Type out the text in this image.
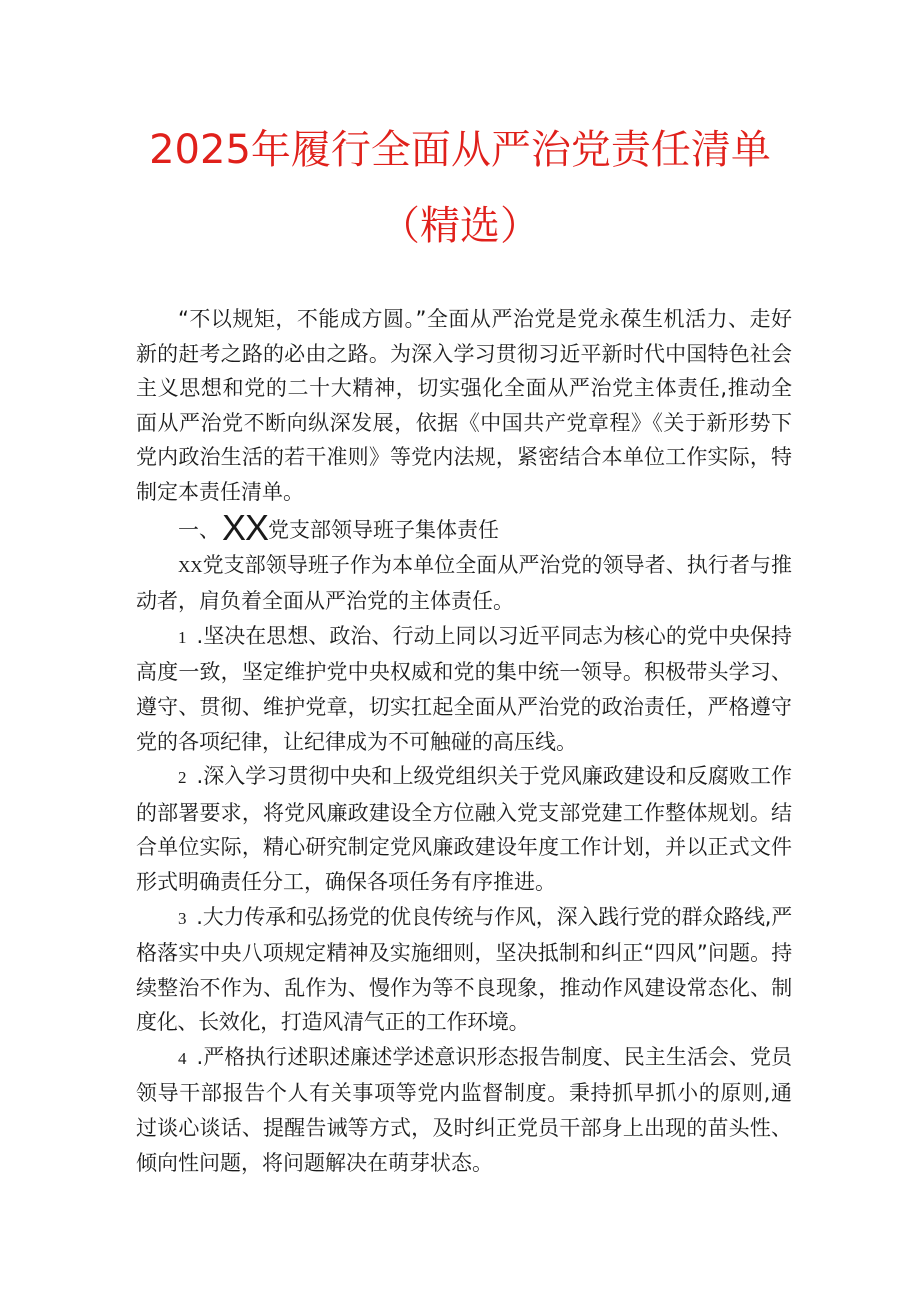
2025年履行全面从严治党责任清单
（精选）

“不以规矩，不能成方圆。”全面从严治党是党永葆生机活力、走好新的赶考之路的必由之路。为深入学习贯彻习近平新时代中国特色社会主义思想和党的二十大精神，切实强化全面从严治党主体责任,推动全面从严治党不断向纵深发展，依据《中国共产党章程》《关于新形势下党内政治生活的若干准则》等党内法规，紧密结合本单位工作实际，特制定本责任清单。

一、XX党支部领导班子集体责任

XX党支部领导班子作为本单位全面从严治党的领导者、执行者与推动者，肩负着全面从严治党的主体责任。

1 .坚决在思想、政治、行动上同以习近平同志为核心的党中央保持高度一致，坚定维护党中央权威和党的集中统一领导。积极带头学习、遵守、贯彻、维护党章，切实扛起全面从严治党的政治责任，严格遵守党的各项纪律，让纪律成为不可触碰的高压线。

2 .深入学习贯彻中央和上级党组织关于党风廉政建设和反腐败工作的部署要求，将党风廉政建设全方位融入党支部党建工作整体规划。结合单位实际，精心研究制定党风廉政建设年度工作计划，并以正式文件形式明确责任分工，确保各项任务有序推进。

3 .大力传承和弘扬党的优良传统与作风，深入践行党的群众路线,严格落实中央八项规定精神及实施细则，坚决抵制和纠正“四风”问题。持续整治不作为、乱作为、慢作为等不良现象，推动作风建设常态化、制度化、长效化，打造风清气正的工作环境。

4 .严格执行述职述廉述学述意识形态报告制度、民主生活会、党员领导干部报告个人有关事项等党内监督制度。秉持抓早抓小的原则,通过谈心谈话、提醒告诫等方式，及时纠正党员干部身上出现的苗头性、倾向性问题，将问题解决在萌芽状态。
